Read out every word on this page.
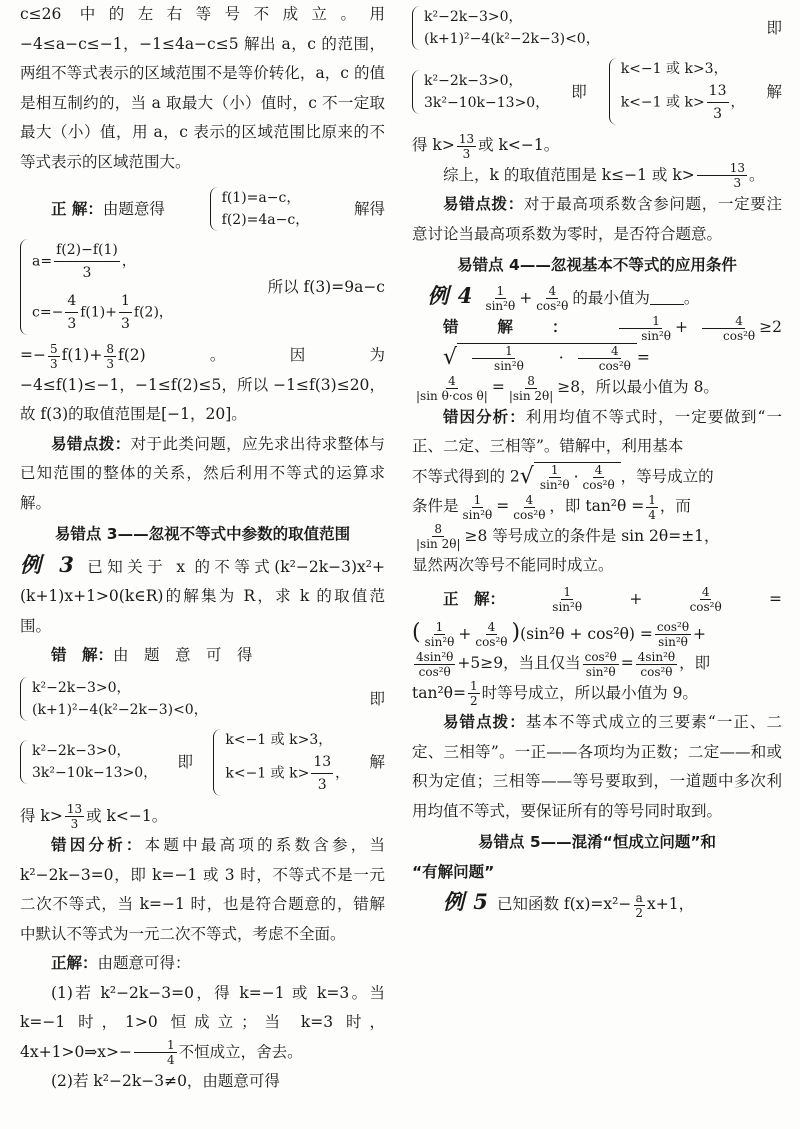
c≤26 中的左右等号不成立。用 −4≤a−c≤−1，−1≤4a−c≤5 解出 a，c 的范围，两组不等式表示的区域范围不是等价转化，a，c 的值是相互制约的，当 a 取最大（小）值时，c 不一定取最大（小）值，用 a，c 表示的区域范围比原来的不等式表示的区域范围大。

正 解：由题意得
f(1)=a−c，
f(2)=4a−c，
解得
$a= \frac{f(2)-f(1)}{3}$ ，
$c=- \frac{4}{3} f(1)+ \frac{1}{3} f(2)$，
所以 f(3)=9a−c

=− $\frac{5}{3} f(1)+ \frac{8}{3} f(2)$。因为 −4≤f(1)≤−1，−1≤f(2)≤5，所以 −1≤f(3)≤20，故 f(3)的取值范围是[−1，20]。

易错点拨：对于此类问题，应先求出待求整体与已知范围的整体的关系，然后利用不等式的运算求解。

易错点 3——忽视不等式中参数的取值范围

例 3 已知关于 x 的不等式(k²−2k−3)x²+(k+1)x+1>0(k∈R)的解集为 R，求 k 的取值范围。

错　解：由　题　意　可　得

k²−2k−3>0，
(k+1)²−4(k²−2k−3)<0，
即
k²−2k−3>0，
3k²−10k−13>0，
即
k<−1 或 k>3，
k<−1 或 $k> \frac{13}{3}$ ，
解

得 $k> \frac{13}{3}$ 或 k<−1。

错因分析：本题中最高项的系数含参，当 k²−2k−3=0，即 k=−1 或 3 时，不等式不是一元二次不等式，当 k=−1 时，也是符合题意的，错解中默认不等式为一元二次不等式，考虑不全面。

正解：由题意可得：

(1)若 k²−2k−3=0，得 k=−1 或 k=3。当 k=−1 时，1>0 恒成立；当 k=3 时，4x+1>0⇒x>− $\frac{1}{4}$ 不恒成立，舍去。

(2)若 k²−2k−3≠0，由题意可得

k²−2k−3>0，
(k+1)²−4(k²−2k−3)<0，
即
k²−2k−3>0，
3k²−10k−13>0，
即
k<−1 或 k>3，
k<−1 或 $k> \frac{13}{3}$ ，
解

得 $k> \frac{13}{3}$ 或 k<−1。

综上，k 的取值范围是 k≤−1 或 $k> \frac{13}{3}$ 。

易错点拨：对于最高项系数含参问题，一定要注意讨论当最高项系数为零时，是否符合题意。

易错点 4——忽视基本不等式的应用条件

例 $4 \frac{1}{\text{sin²θ}} + \frac{4}{\text{cos²θ}}$ 的最小值为 。

错解： $\frac{1}{\text{sin²θ}} + \frac{4}{\text{cos²θ}} \ge 2$
√ $\frac{1}{\text{sin²θ}}$	· $\frac{4}{\text{cos²θ}}$ =

$\frac{4}{\text{|sin θ·cos θ|}} = \frac{8}{|\sin 2\theta|} \ge 8$，所以最小值为 8。

错因分析：利用均值不等式时，一定要做到“一正、二定、三相等”。错解中，利用基本

不等式得到的 2 √ $\frac{1}{\text{sin²θ}} \cdot \frac{4}{\text{cos²θ}}$ ，等号成立的

条件是 $\frac{1}{\text{sin²θ}} = \frac{4}{\text{cos²θ}}$ ，即 $\tan^2\theta = \frac{1}{4}$ ，而

$\frac{8}{|\sin 2\theta|} \ge 8$ 等号成立的条件是 sin 2θ=±1，

显然两次等号不能同时成立。

正　解：	$\frac{1}{\text{sin²θ}}$	+	$\frac{4}{\text{cos²θ}}$	=

( $\frac{1}{\text{sin²θ}} + \frac{4}{\text{cos²θ}} )(\sin^2\theta + \cos^2\theta) = \frac{\text{cos²θ}}{\text{sin²θ}}$ +

$\frac{\text{4sin²θ}}{\text{cos²θ}} +5\ge 9$，当且仅当 $\frac{\text{cos²θ}}{\text{sin²θ}} = \frac{\text{4sin²θ}}{\text{cos²θ}}$ ，即

$\tan^2\theta= \frac{1}{2}$ 时等号成立，所以最小值为 9。

易错点拨：基本不等式成立的三要素“一正、二定、三相等”。一正——各项均为正数；二定——和或积为定值；三相等——等号要取到，一道题中多次利用均值不等式，要保证所有的等号同时取到。

易错点 5——混淆“恒成立问题”和
“有解问题”

例 5 已知函数 $f(x)=x^2- \frac{a}{2} x+1$，
